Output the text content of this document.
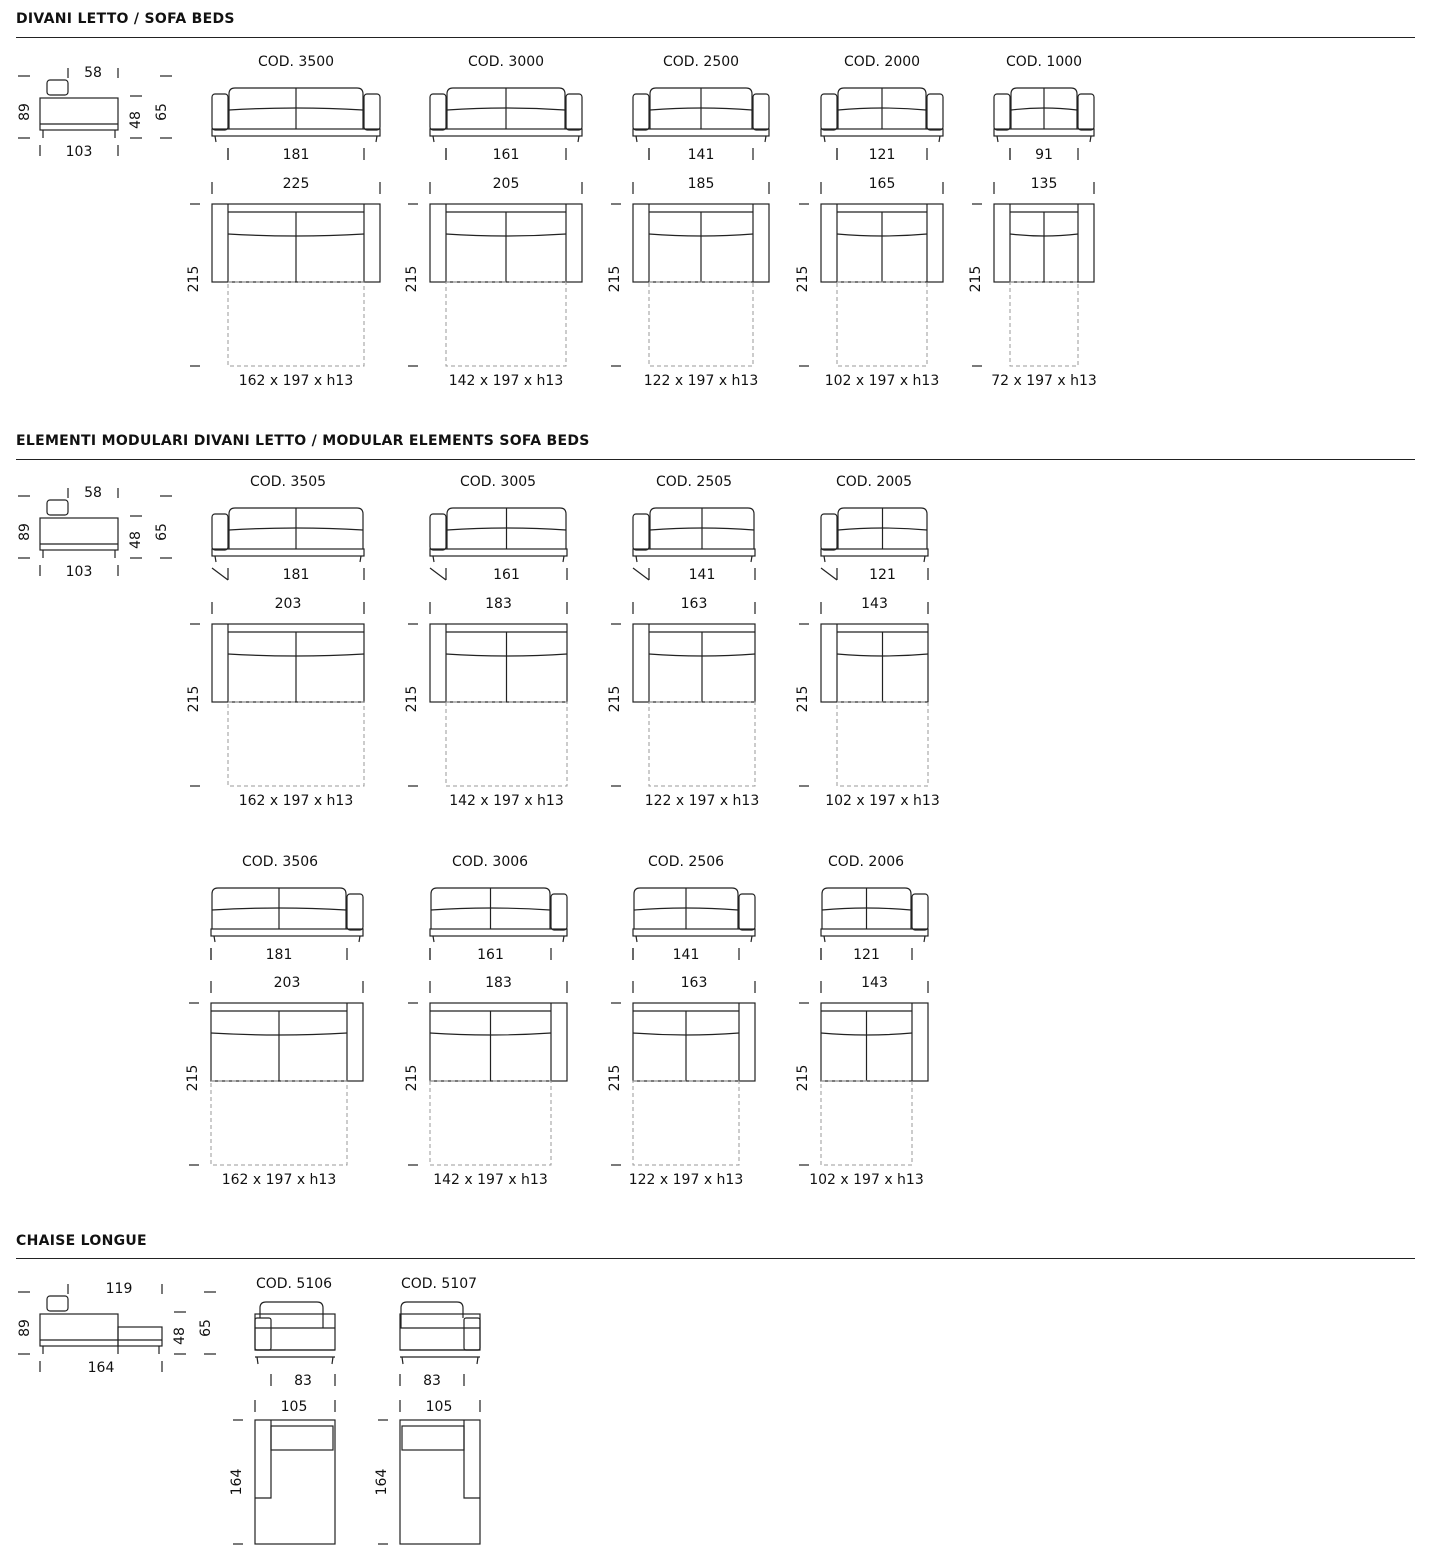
DIVANI LETTO / SOFA BEDS
ELEMENTI MODULARI DIVANI LETTO / MODULAR ELEMENTS SOFA BEDS
CHAISE LONGUE
58
103
89	48 65
COD. 3500
181
225
215
162 x 197 x h13
COD. 3000
161
205
215
142 x 197 x h13
COD. 2500
141
185
215
122 x 197 x h13
COD. 2000
121
165
215
102 x 197 x h13
COD. 1000
91
135
215
72 x 197 x h13
58
103
89	48 65
COD. 3505
181
203
215
162 x 197 x h13
COD. 3005
161
183
215
142 x 197 x h13
COD. 2505
141
163
215
122 x 197 x h13
COD. 2005
121
143
215
102 x 197 x h13
COD. 3506
181
203
215
162 x 197 x h13
COD. 3006
161
183
215
142 x 197 x h13
COD. 2506
141
163
215
122 x 197 x h13
COD. 2006
121
143
215
102 x 197 x h13
119
164
89	48 65
COD. 5106
83
105
164
COD. 5107
83
105
164
